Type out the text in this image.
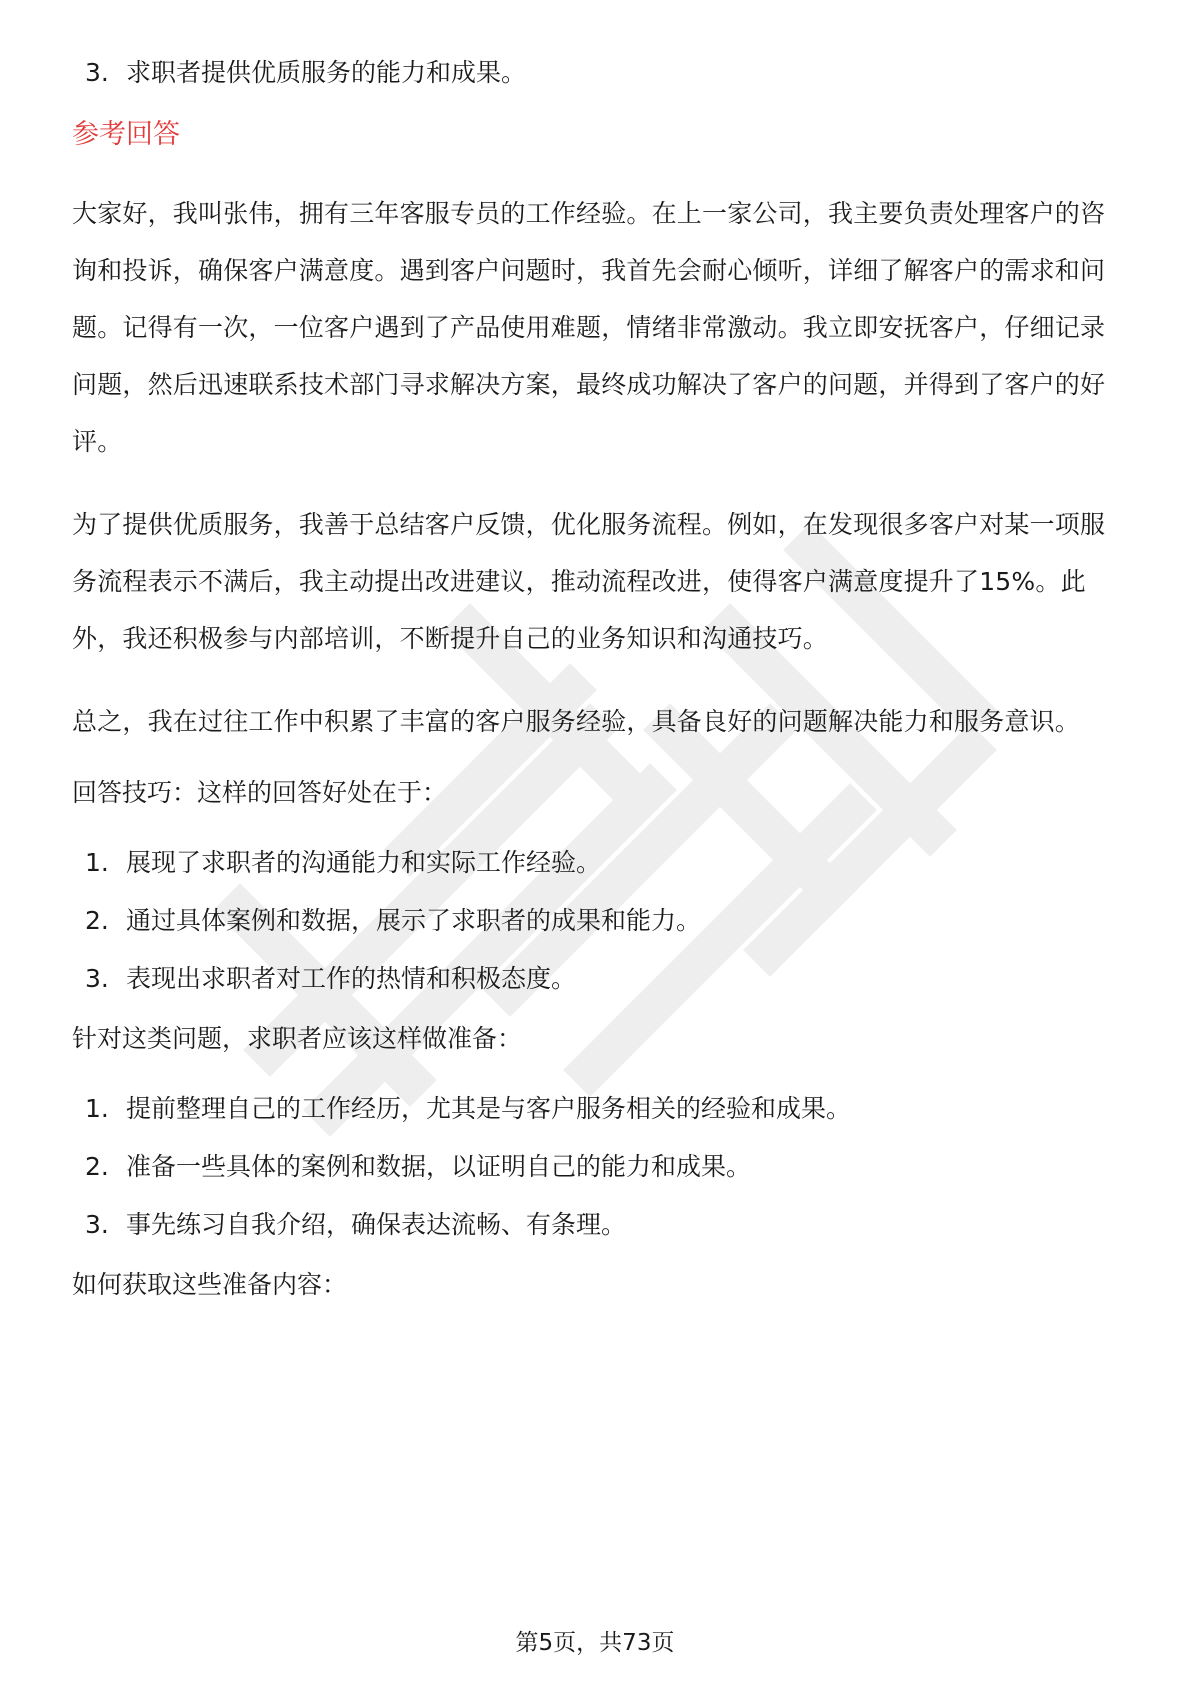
3. 求职者提供优质服务的能力和成果。
参考回答

大家好，我叫张伟，拥有三年客服专员的工作经验。在上一家公司，我主要负责处理客户的咨询和投诉，确保客户满意度。遇到客户问题时，我首先会耐心倾听，详细了解客户的需求和问题。记得有一次，一位客户遇到了产品使用难题，情绪非常激动。我立即安抚客户，仔细记录问题，然后迅速联系技术部门寻求解决方案，最终成功解决了客户的问题，并得到了客户的好评。

为了提供优质服务，我善于总结客户反馈，优化服务流程。例如，在发现很多客户对某一项服务流程表示不满后，我主动提出改进建议，推动流程改进，使得客户满意度提升了15%。此外，我还积极参与内部培训，不断提升自己的业务知识和沟通技巧。

总之，我在过往工作中积累了丰富的客户服务经验，具备良好的问题解决能力和服务意识。

回答技巧：这样的回答好处在于：
1. 展现了求职者的沟通能力和实际工作经验。
2. 通过具体案例和数据，展示了求职者的成果和能力。
3. 表现出求职者对工作的热情和积极态度。
针对这类问题，求职者应该这样做准备：
1. 提前整理自己的工作经历，尤其是与客户服务相关的经验和成果。
2. 准备一些具体的案例和数据，以证明自己的能力和成果。
3. 事先练习自我介绍，确保表达流畅、有条理。
如何获取这些准备内容：
第5页，共73页
